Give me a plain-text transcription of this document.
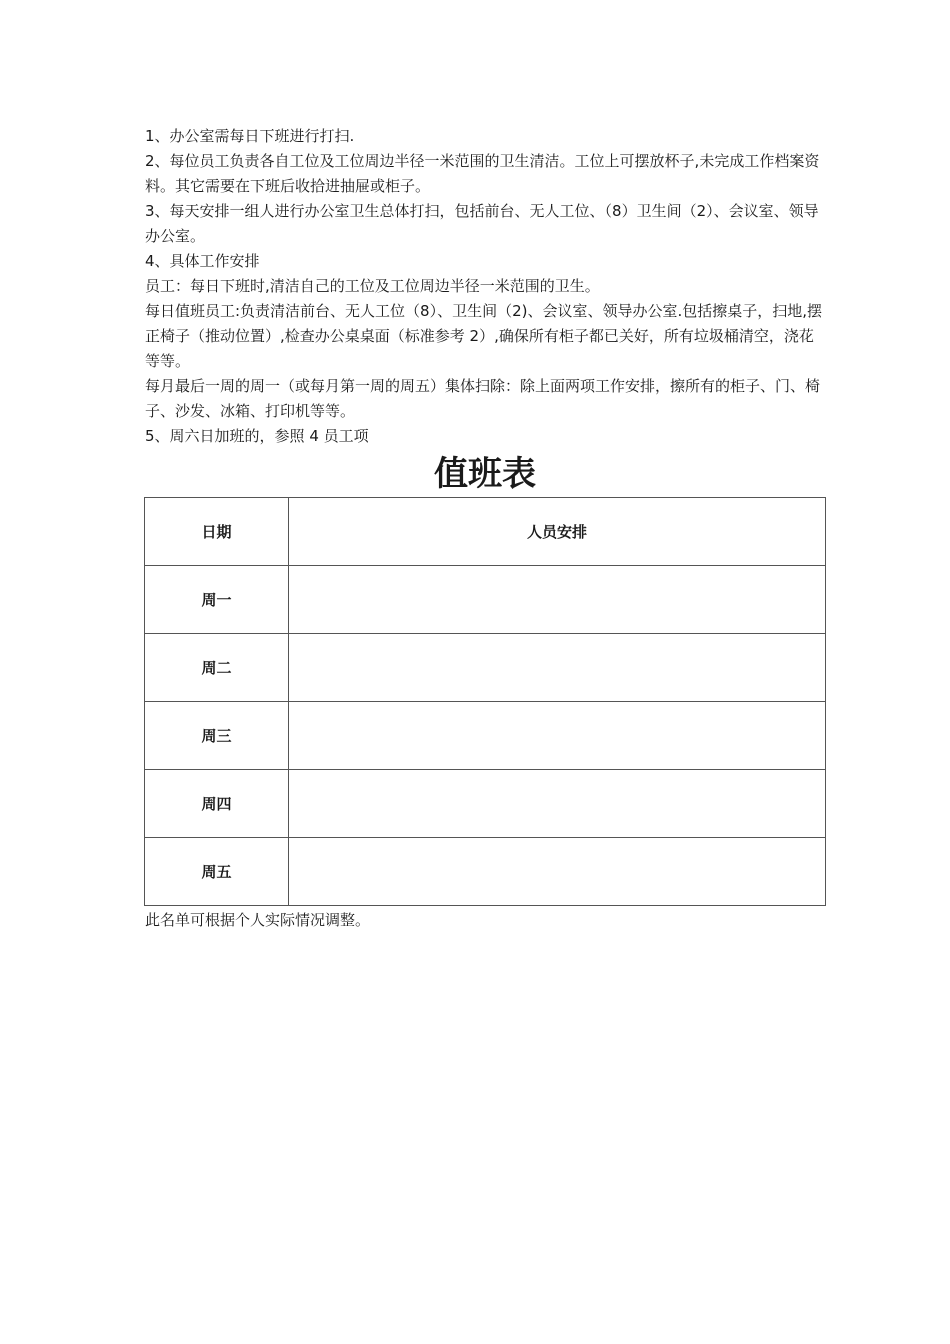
1、办公室需每日下班进行打扫.

2、每位员工负责各自工位及工位周边半径一米范围的卫生清洁。工位上可摆放杯子,未完成工作档案资料。其它需要在下班后收拾进抽屉或柜子。

3、每天安排一组人进行办公室卫生总体打扫，包括前台、无人工位、（8）卫生间（2）、会议室、领导办公室。

4、具体工作安排

员工：每日下班时,清洁自己的工位及工位周边半径一米范围的卫生。

每日值班员工:负责清洁前台、无人工位（8）、卫生间（2)、会议室、领导办公室.包括擦桌子，扫地,摆正椅子（推动位置）,检查办公桌桌面（标准参考 2）,确保所有柜子都已关好，所有垃圾桶清空，浇花等等。

每月最后一周的周一（或每月第一周的周五）集体扫除：除上面两项工作安排，擦所有的柜子、门、椅子、沙发、冰箱、打印机等等。

5、周六日加班的，参照 4 员工项

值班表
日期	人员安排
周一	
周二	
周三	
周四	
周五	

此名单可根据个人实际情况调整。
